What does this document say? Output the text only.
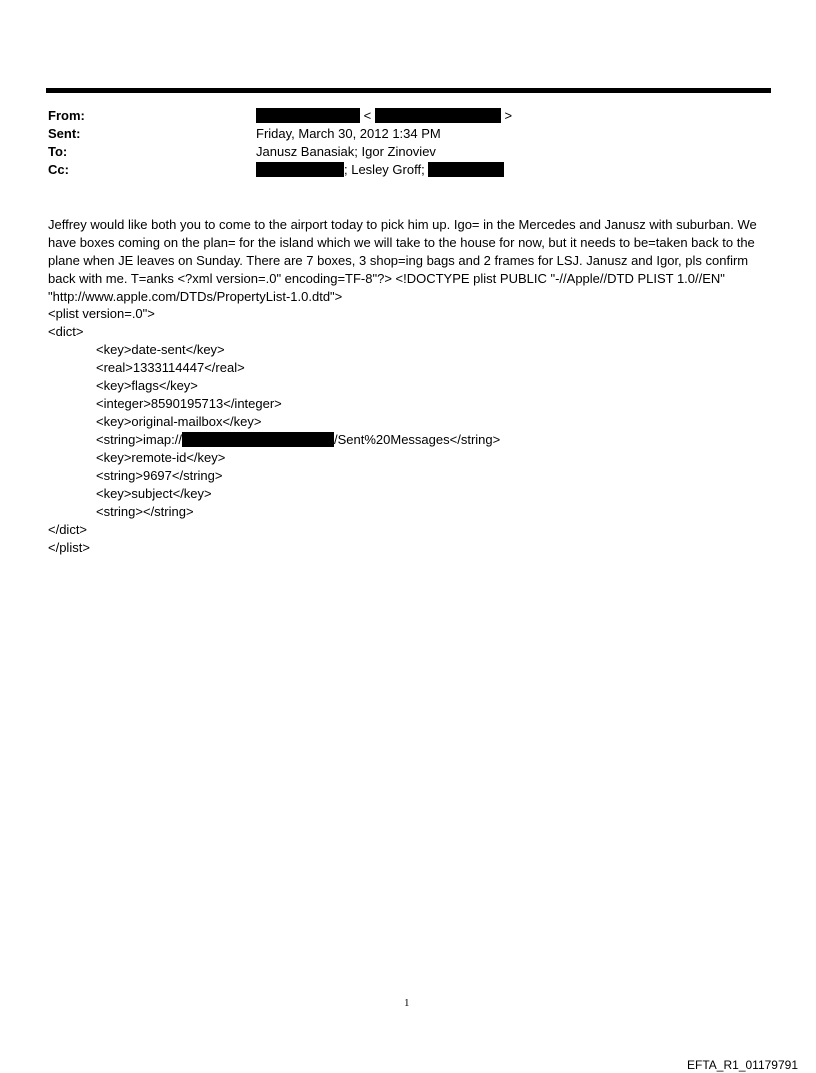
From:
Sent:
To:
Cc:
<	>
Friday, March 30, 2012 1:34 PM
Janusz Banasiak; Igor Zinoviev
; Lesley Groff;

Jeffrey would like both you to come to the airport today to pick him up. Igo= in the Mercedes and Janusz with suburban. We have boxes coming on the plan= for the island which we will take to the house for now, but it needs to be=taken back to the plane when JE leaves on Sunday. There are 7 boxes, 3 shop=ing bags and 2 frames for LSJ. Janusz and Igor, pls confirm back with me. T=anks <?xml version=.0" encoding=TF-8"?> <!DOCTYPE plist PUBLIC "-//Apple//DTD PLIST 1.0//EN" "http://www.apple.com/DTDs/PropertyList-1.0.dtd">

<plist version=.0">
<dict>
<key>date-sent</key>
<real>1333114447</real>
<key>flags</key>
<integer>8590195713</integer>
<key>original-mailbox</key>
<string>imap://	/Sent%20Messages</string>
<key>remote-id</key>
<string>9697</string>
<key>subject</key>
<string></string>
</dict>
</plist>
1
EFTA_R1_01179791
